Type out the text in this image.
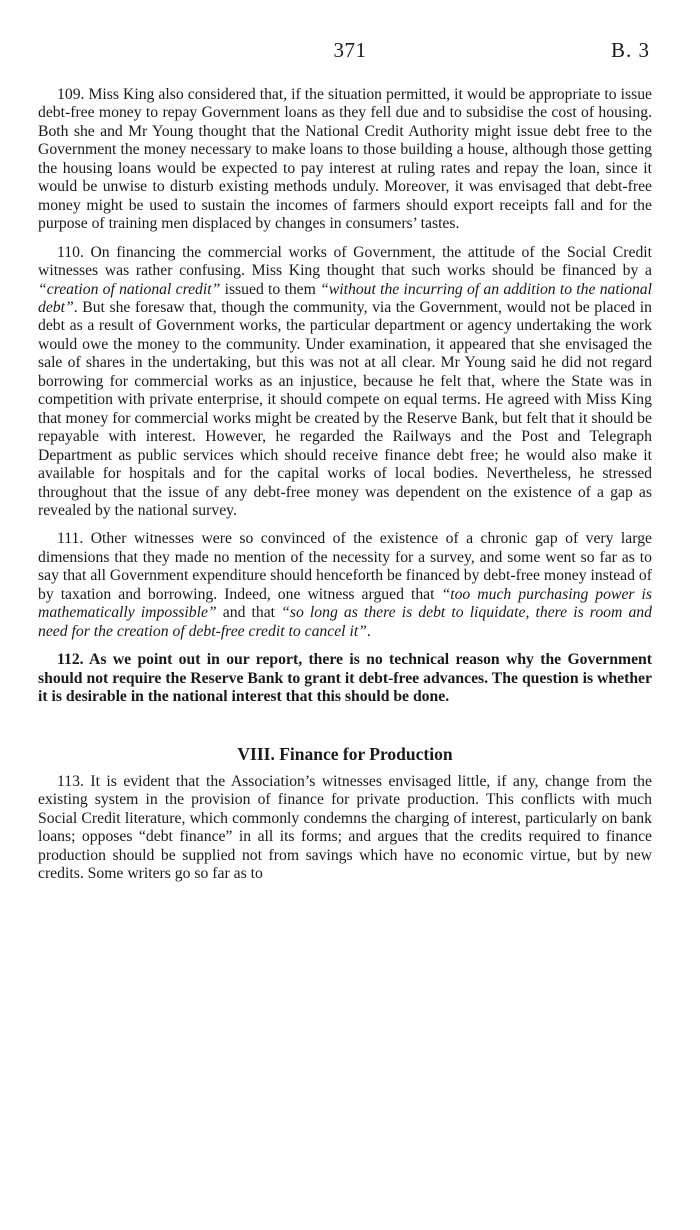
371	B. 3

109. Miss King also considered that, if the situation permitted, it would be appropriate to issue debt-free money to repay Government loans as they fell due and to subsidise the cost of housing. Both she and Mr Young thought that the National Credit Authority might issue debt free to the Government the money necessary to make loans to those building a house, although those getting the housing loans would be expected to pay interest at ruling rates and repay the loan, since it would be unwise to disturb existing methods unduly. Moreover, it was envisaged that debt-free money might be used to sustain the incomes of farmers should export receipts fall and for the purpose of training men displaced by changes in consumers’ tastes.

110. On financing the commercial works of Government, the attitude of the Social Credit witnesses was rather confusing. Miss King thought that such works should be financed by a “creation of national credit” issued to them “without the incurring of an addition to the national debt”. But she foresaw that, though the community, via the Government, would not be placed in debt as a result of Government works, the particular department or agency undertaking the work would owe the money to the community. Under examination, it appeared that she envisaged the sale of shares in the undertaking, but this was not at all clear. Mr Young said he did not regard borrowing for commercial works as an injustice, because he felt that, where the State was in competition with private enterprise, it should compete on equal terms. He agreed with Miss King that money for commercial works might be created by the Reserve Bank, but felt that it should be repayable with interest. However, he regarded the Railways and the Post and Telegraph Department as public services which should receive finance debt free; he would also make it available for hospitals and for the capital works of local bodies. Nevertheless, he stressed throughout that the issue of any debt-free money was dependent on the existence of a gap as revealed by the national survey.

111. Other witnesses were so convinced of the existence of a chronic gap of very large dimensions that they made no mention of the necessity for a survey, and some went so far as to say that all Government expenditure should henceforth be financed by debt-free money instead of by taxation and borrowing. Indeed, one witness argued that “too much purchasing power is mathematically impossible” and that “so long as there is debt to liquidate, there is room and need for the creation of debt-free credit to cancel it”.

112. As we point out in our report, there is no technical reason why the Government should not require the Reserve Bank to grant it debt-free advances. The question is whether it is desirable in the national interest that this should be done.

VIII. Finance for Production

113. It is evident that the Association’s witnesses envisaged little, if any, change from the existing system in the provision of finance for private production. This conflicts with much Social Credit literature, which commonly condemns the charging of interest, particularly on bank loans; opposes “debt finance” in all its forms; and argues that the credits required to finance production should be supplied not from savings which have no economic virtue, but by new credits. Some writers go so far as to
